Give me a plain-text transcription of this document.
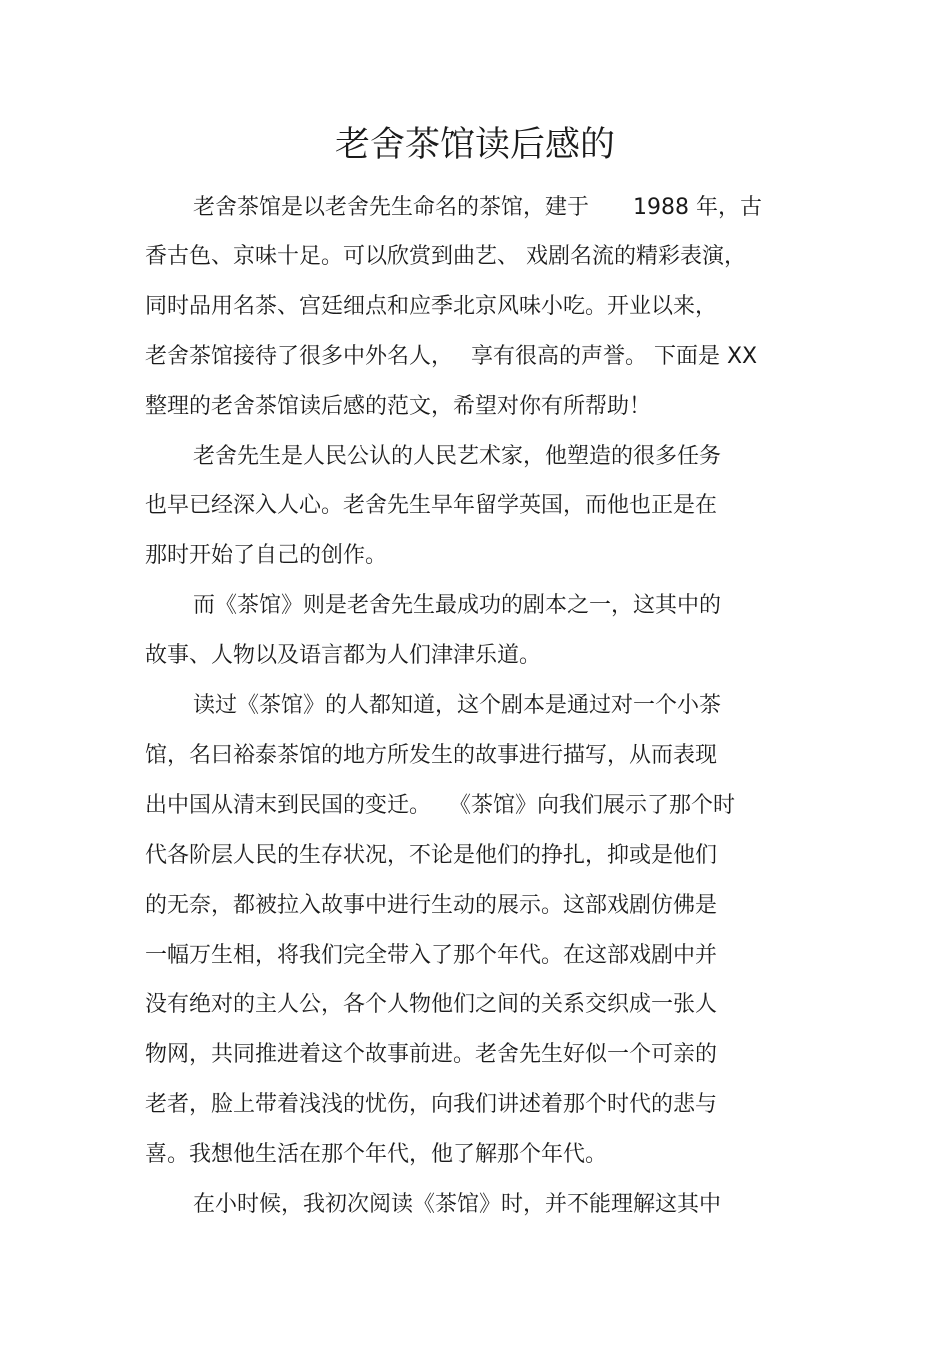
老舍茶馆读后感的
老舍茶馆是以老舍先生命名的茶馆，建于　　1988 年，古
香古色、京味十足。可以欣赏到曲艺、 戏剧名流的精彩表演，
同时品用名茶、宫廷细点和应季北京风味小吃。开业以来，
老舍茶馆接待了很多中外名人，　 享有很高的声誉。 下面是 XX
整理的老舍茶馆读后感的范文，希望对你有所帮助！
老舍先生是人民公认的人民艺术家，他塑造的很多任务
也早已经深入人心。老舍先生早年留学英国，而他也正是在
那时开始了自己的创作。
而《茶馆》则是老舍先生最成功的剧本之一，这其中的
故事、人物以及语言都为人们津津乐道。
读过《茶馆》的人都知道，这个剧本是通过对一个小茶
馆，名曰裕泰茶馆的地方所发生的故事进行描写，从而表现
出中国从清末到民国的变迁。 　《茶馆》向我们展示了那个时
代各阶层人民的生存状况，不论是他们的挣扎，抑或是他们
的无奈，都被拉入故事中进行生动的展示。这部戏剧仿佛是
一幅万生相，将我们完全带入了那个年代。在这部戏剧中并
没有绝对的主人公，各个人物他们之间的关系交织成一张人
物网，共同推进着这个故事前进。老舍先生好似一个可亲的
老者，脸上带着浅浅的忧伤，向我们讲述着那个时代的悲与
喜。我想他生活在那个年代，他了解那个年代。
在小时候，我初次阅读《茶馆》时，并不能理解这其中
